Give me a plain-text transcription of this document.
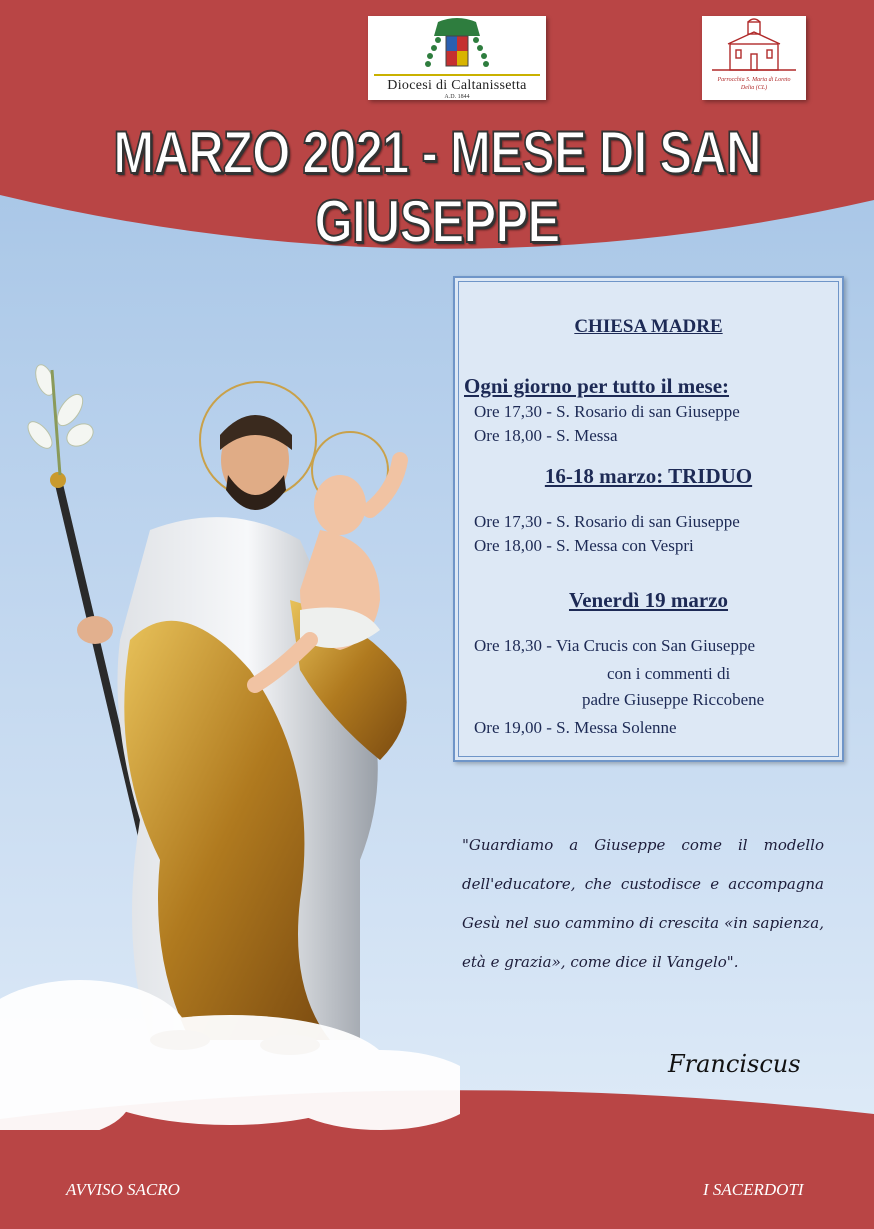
Diocesi di Caltanissetta
A.D. 1844
Parrocchia S. Maria di Loreto
Delia (CL)
MARZO 2021 - MESE DI SAN GIUSEPPE
CHIESA MADRE
Ogni giorno per tutto il mese:
Ore 17,30 - S. Rosario di san Giuseppe
Ore 18,00 - S. Messa
16-18 marzo: TRIDUO
Ore 17,30 - S. Rosario di san Giuseppe
Ore 18,00 - S. Messa con Vespri
Venerdì 19 marzo
Ore 18,30 - Via Crucis con San Giuseppe
con i commenti di
padre Giuseppe Riccobene
Ore 19,00 - S. Messa Solenne
"Guardiamo a Giuseppe come il modello dell'educatore, che custodisce e accompagna Gesù nel suo cammino di crescita «in sapienza, età e grazia», come dice il Vangelo".
Franciscus
AVVISO SACRO	I SACERDOTI
